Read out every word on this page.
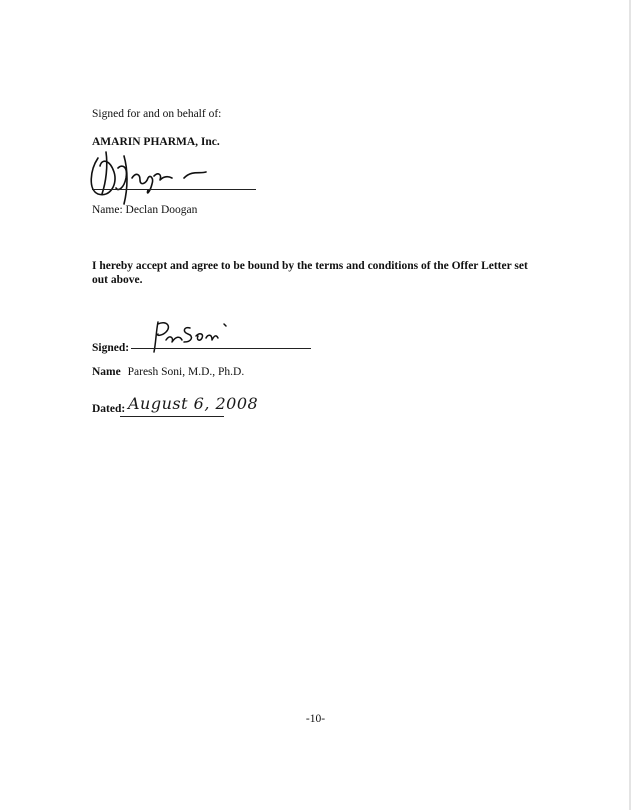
Signed for and on behalf of:
AMARIN PHARMA, Inc.
Name: Declan Doogan
I hereby accept and agree to be bound by the terms and conditions of the Offer Letter set
out above.
Signed:
Name Paresh Soni, M.D., Ph.D.
Dated: August 6, 2008
-10-
